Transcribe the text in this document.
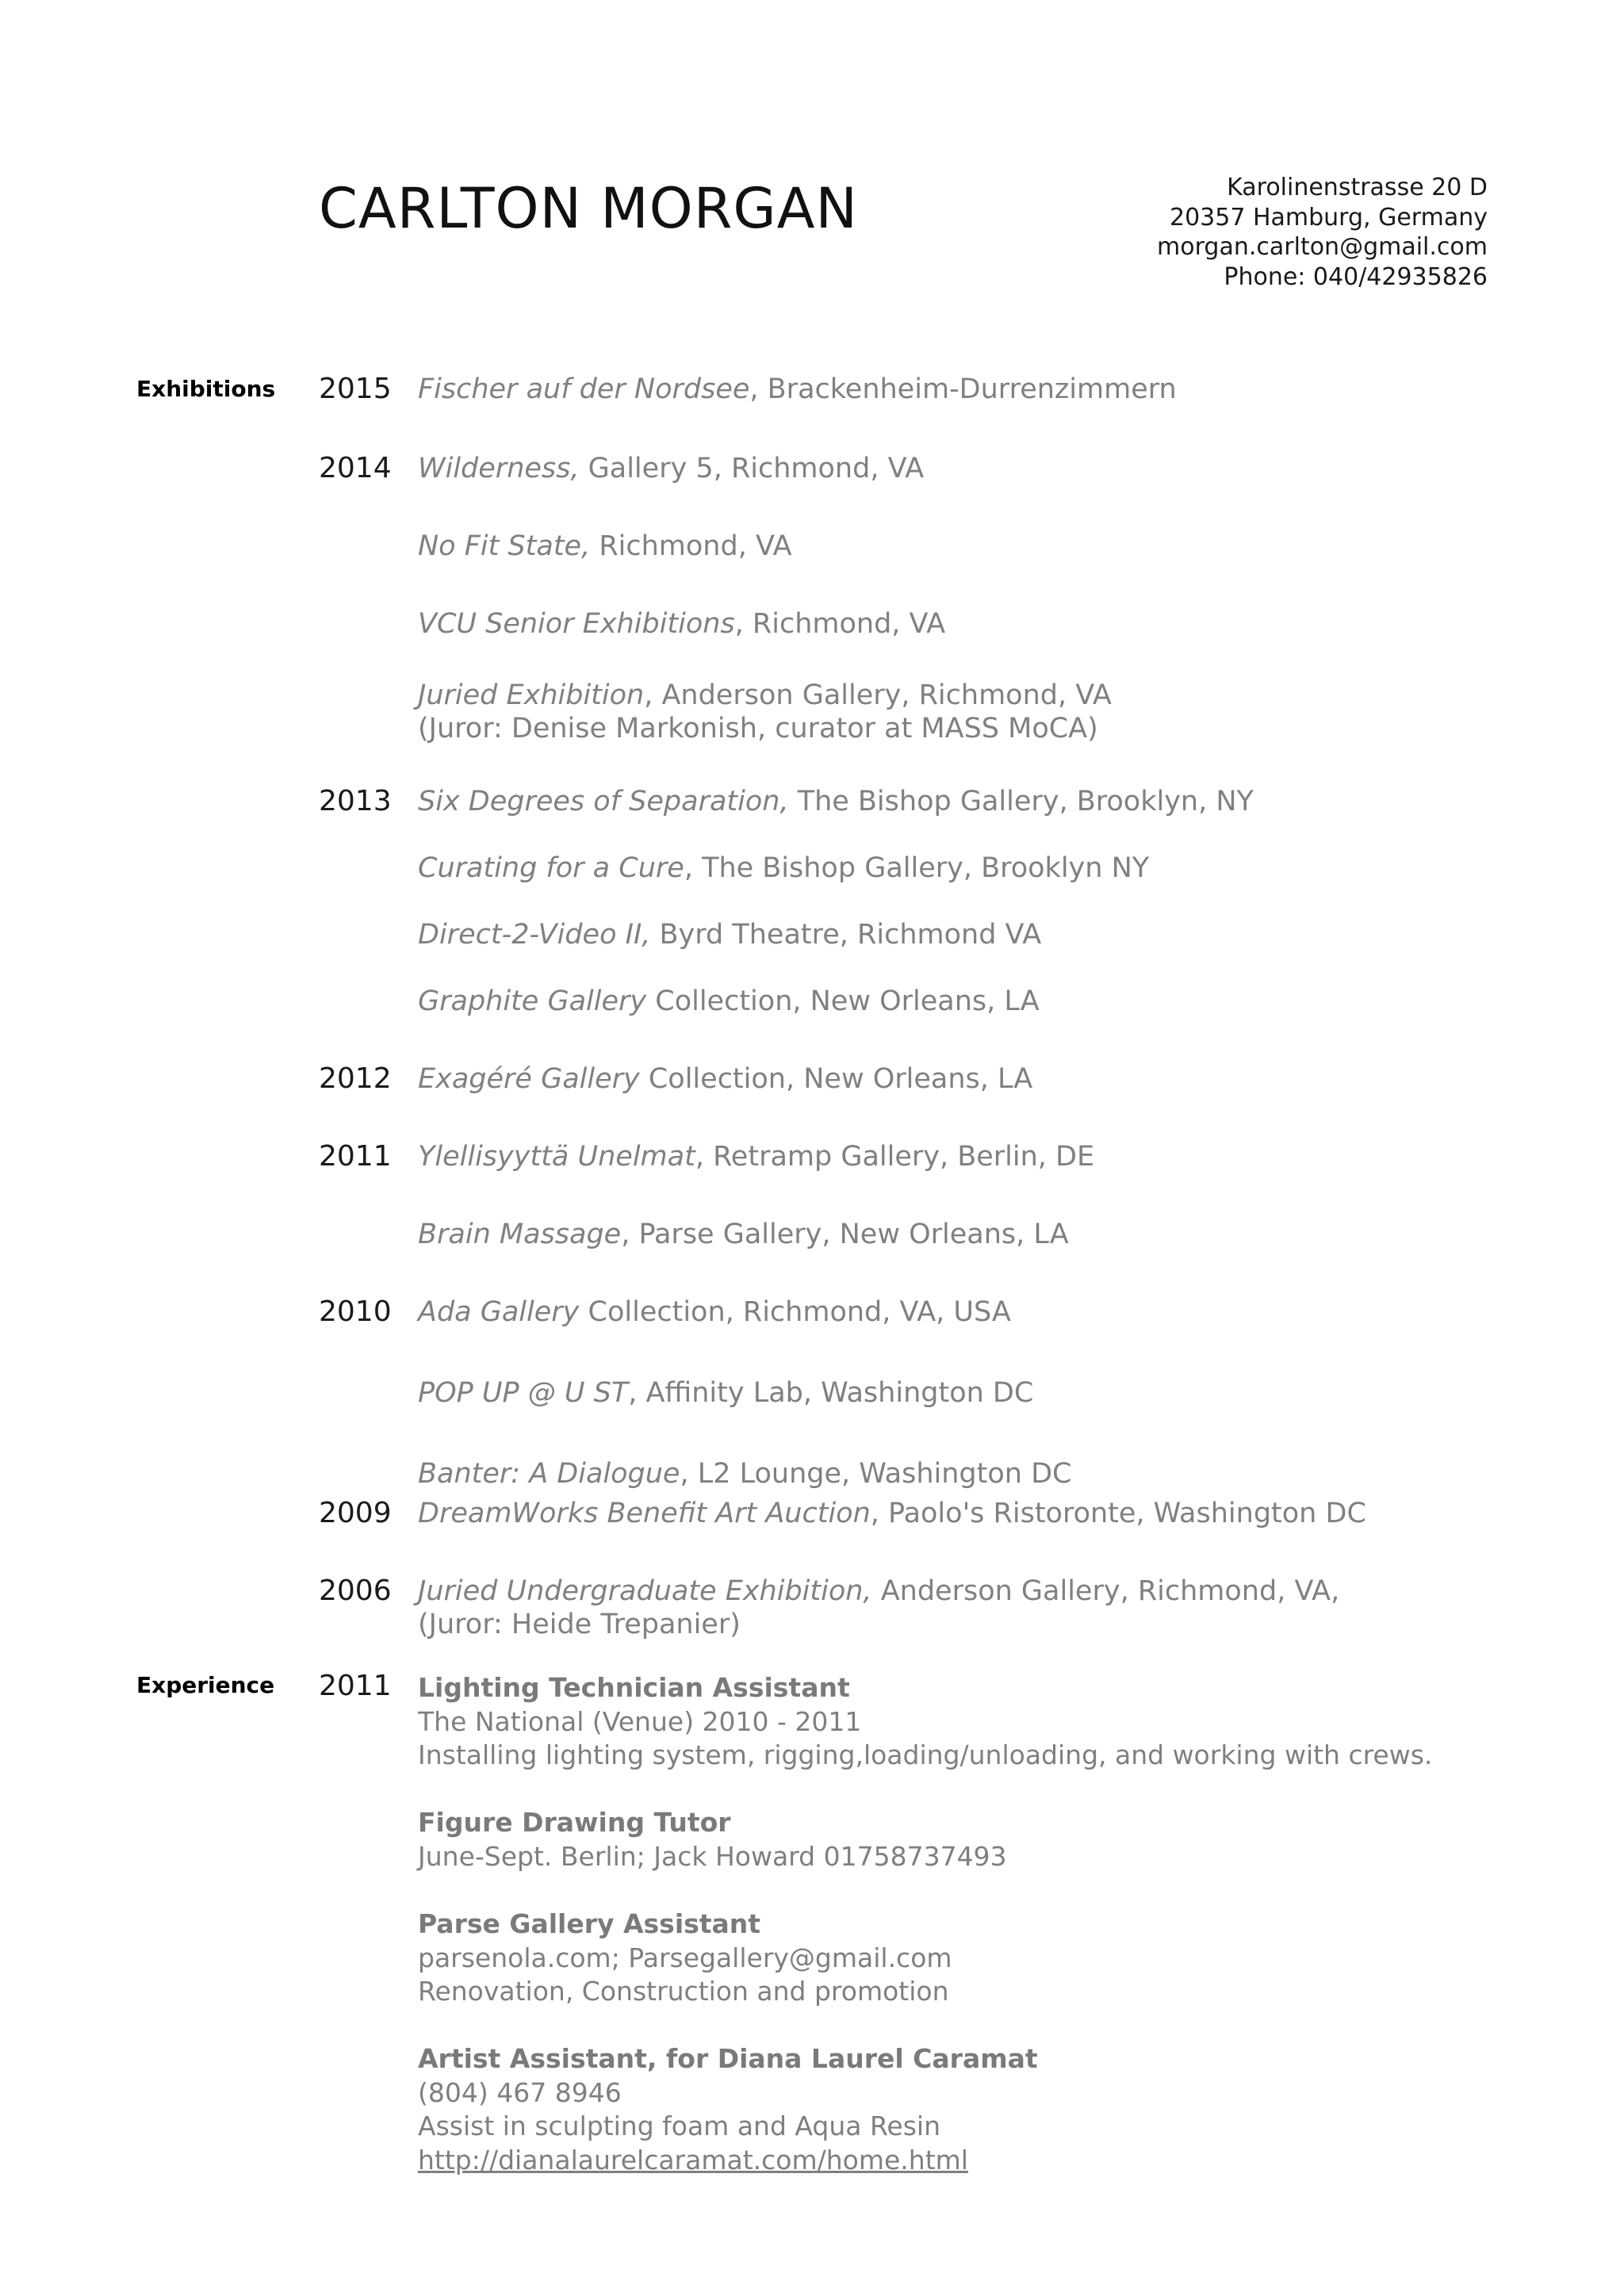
CARLTON MORGAN	Karolinenstrasse 20 D
20357 Hamburg, Germany
morgan.carlton@gmail.com
Phone: 040/42935826
Exhibitions 2015 Fischer auf der Nordsee, Brackenheim-Durrenzimmern
2014 Wilderness, Gallery 5, Richmond, VA
No Fit State, Richmond, VA
VCU Senior Exhibitions, Richmond, VA
Juried Exhibition, Anderson Gallery, Richmond, VA
(Juror: Denise Markonish, curator at MASS MoCA)
2013 Six Degrees of Separation, The Bishop Gallery, Brooklyn, NY
Curating for a Cure, The Bishop Gallery, Brooklyn NY
Direct-2-Video II, Byrd Theatre, Richmond VA
Graphite Gallery Collection, New Orleans, LA
2012 Exagéré Gallery Collection, New Orleans, LA
2011 Ylellisyyttä Unelmat, Retramp Gallery, Berlin, DE
Brain Massage, Parse Gallery, New Orleans, LA
2010 Ada Gallery Collection, Richmond, VA, USA
POP UP @ U ST, Affinity Lab, Washington DC
Banter: A Dialogue, L2 Lounge, Washington DC
2009 DreamWorks Benefit Art Auction, Paolo's Ristoronte, Washington DC
2006 Juried Undergraduate Exhibition, Anderson Gallery, Richmond, VA,
(Juror: Heide Trepanier)
Experience 2011 Lighting Technician Assistant
The National (Venue) 2010 - 2011
Installing lighting system, rigging,loading/unloading, and working with crews.
Figure Drawing Tutor
June-Sept. Berlin; Jack Howard 01758737493
Parse Gallery Assistant
parsenola.com; Parsegallery@gmail.com
Renovation, Construction and promotion
Artist Assistant, for Diana Laurel Caramat
(804) 467 8946
Assist in sculpting foam and Aqua Resin
http://dianalaurelcaramat.com/home.html
